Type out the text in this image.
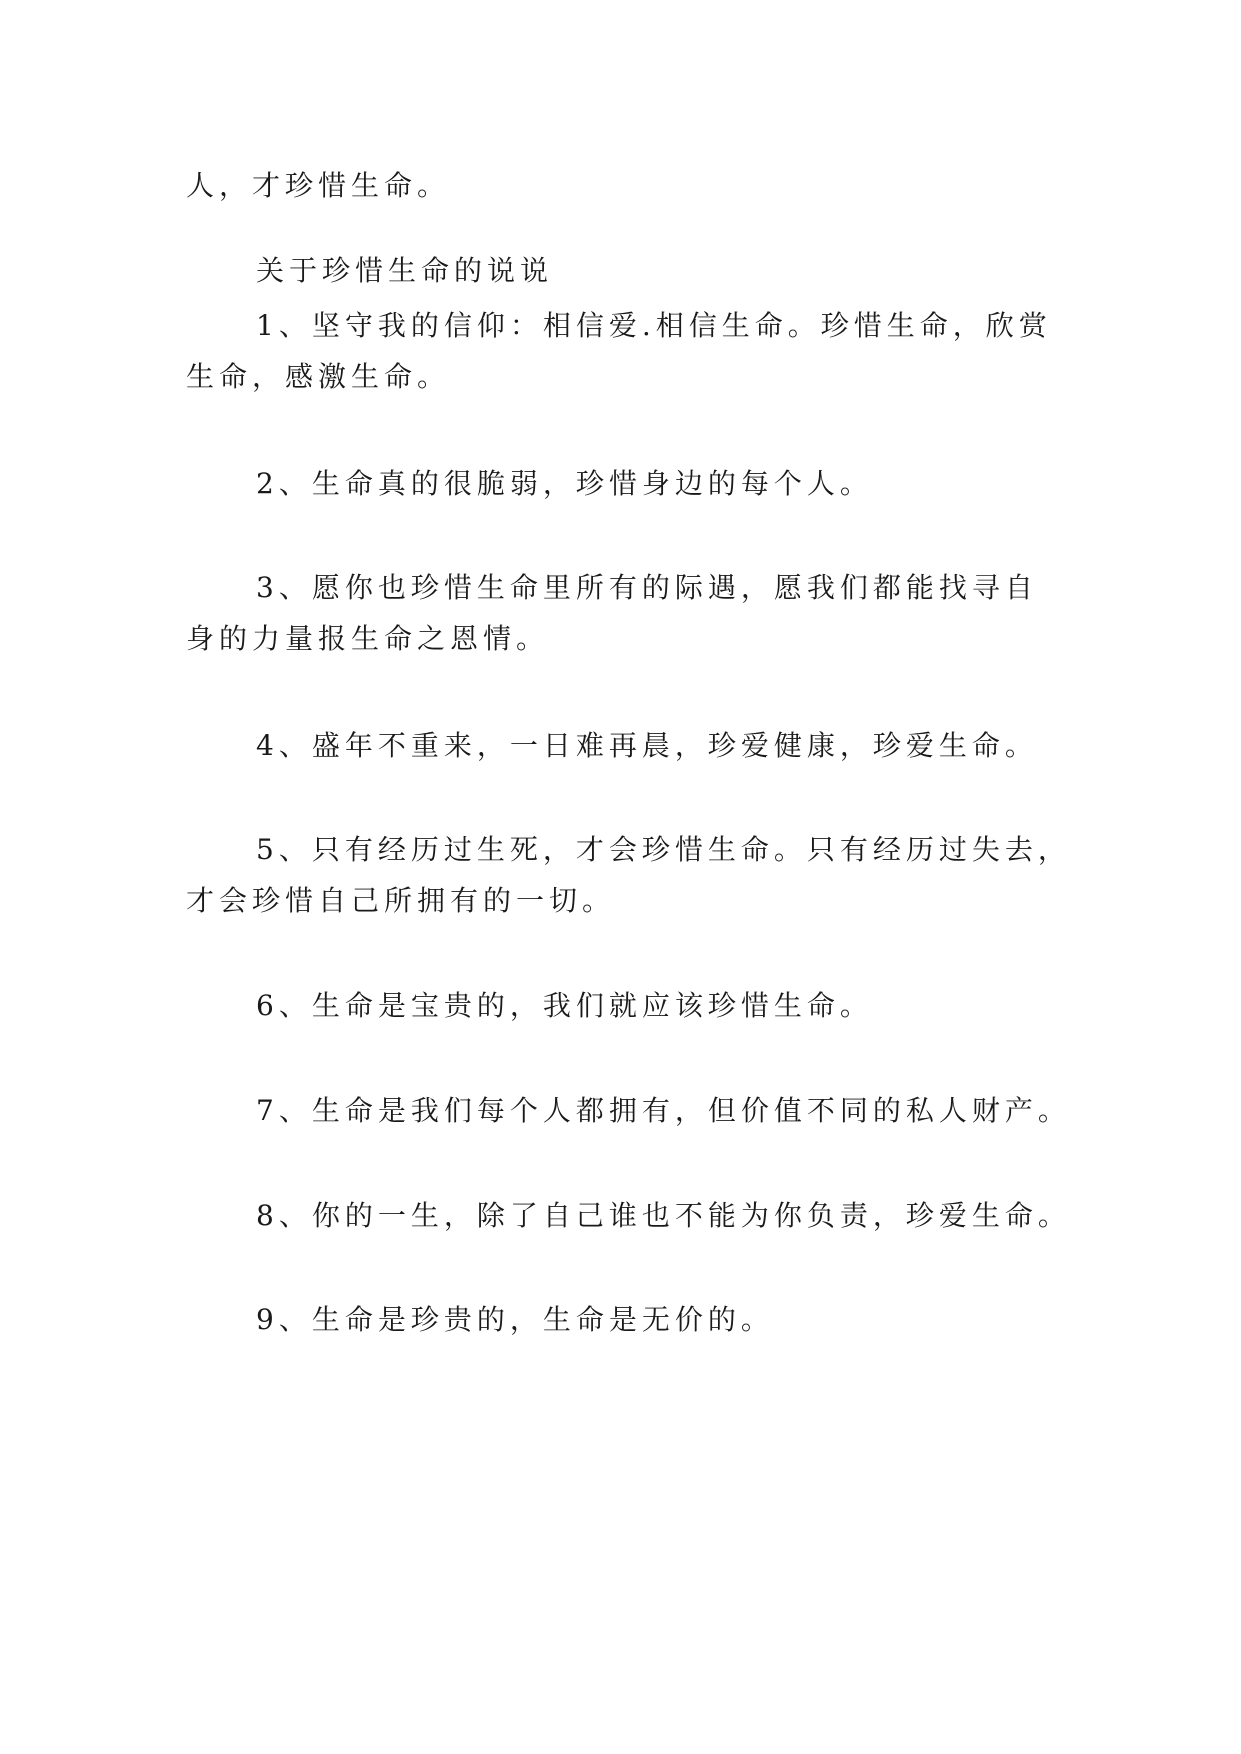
人，才珍惜生命。
关于珍惜生命的说说
1、坚守我的信仰：相信爱.相信生命。珍惜生命，欣赏
生命，感激生命。
2、生命真的很脆弱，珍惜身边的每个人。
3、愿你也珍惜生命里所有的际遇，愿我们都能找寻自
身的力量报生命之恩情。
4、盛年不重来，一日难再晨，珍爱健康，珍爱生命。
5、只有经历过生死，才会珍惜生命。只有经历过失去，
才会珍惜自己所拥有的一切。
6、生命是宝贵的，我们就应该珍惜生命。
7、生命是我们每个人都拥有，但价值不同的私人财产。
8、你的一生，除了自己谁也不能为你负责，珍爱生命。
9、生命是珍贵的，生命是无价的。
